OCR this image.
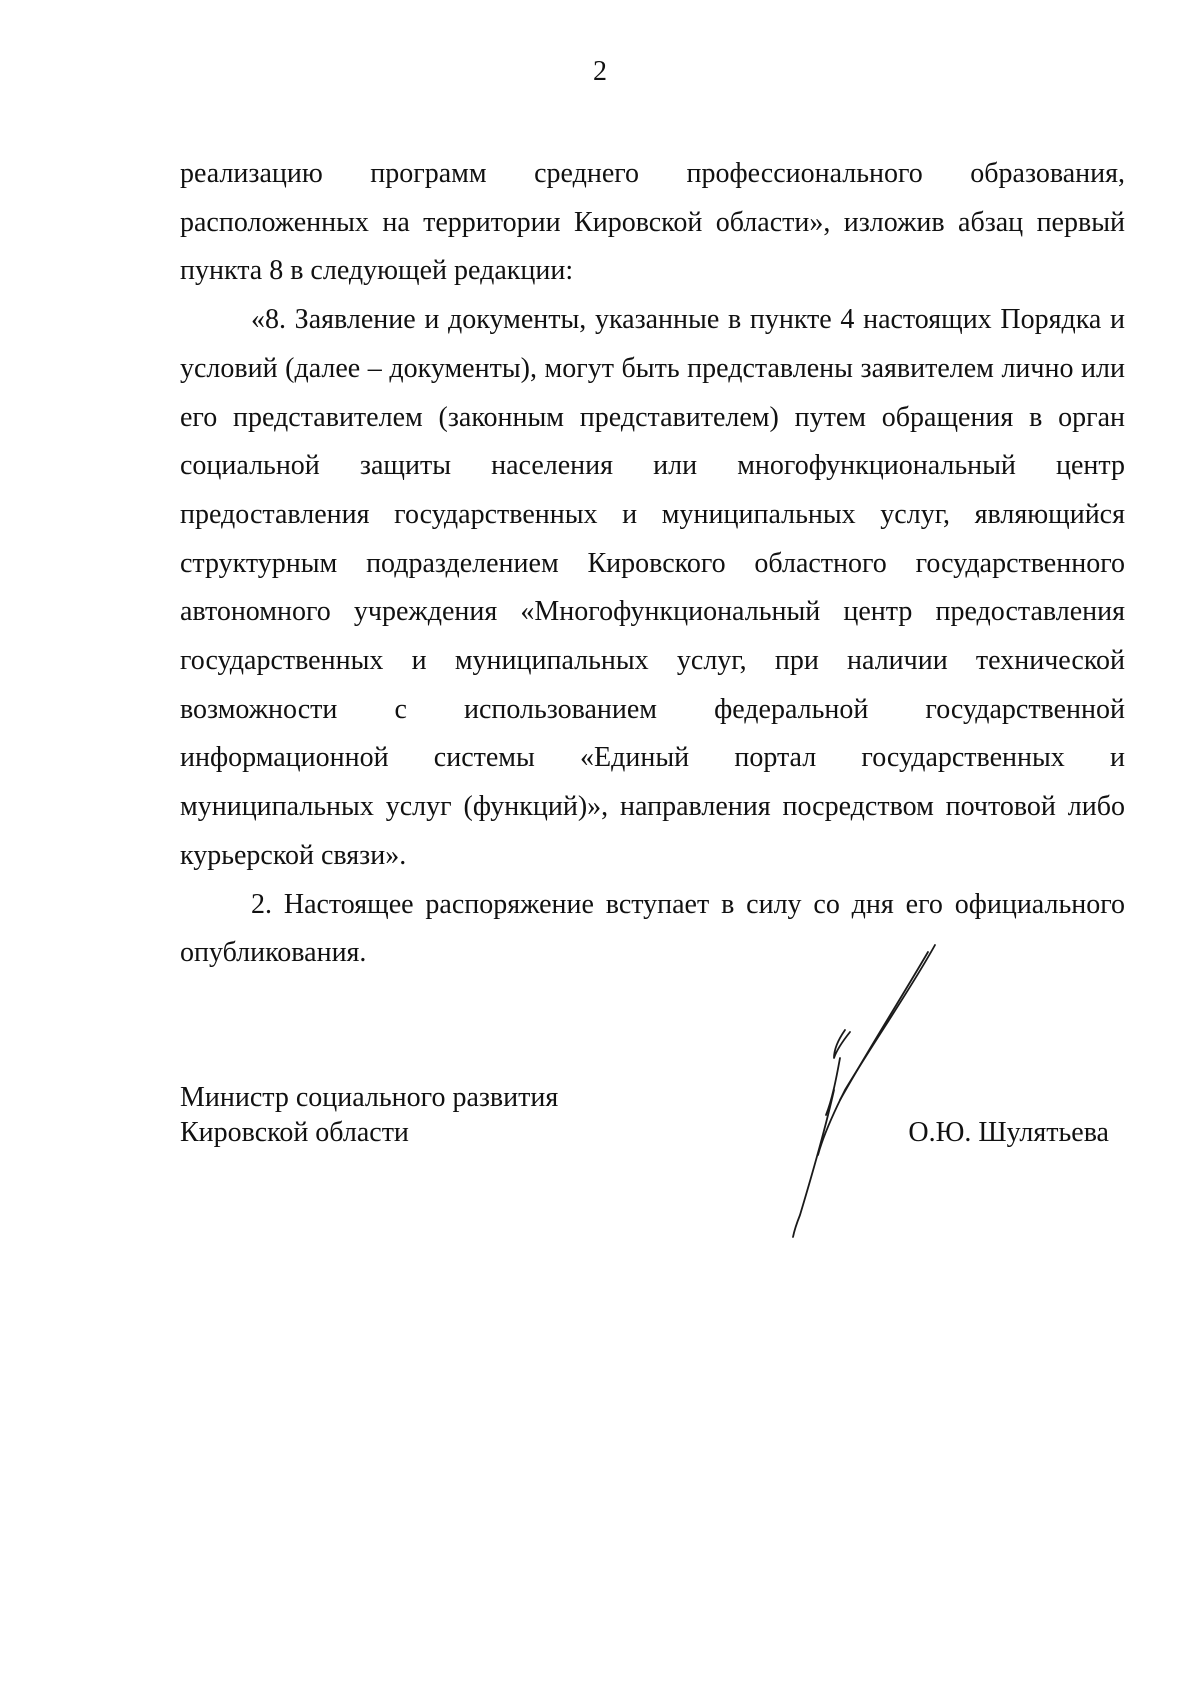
2

реализацию программ среднего профессионального образования, расположенных на территории Кировской области», изложив абзац первый пункта 8 в следующей редакции:

«8. Заявление и документы, указанные в пункте 4 настоящих Порядка и условий (далее – документы), могут быть представлены заявителем лично или его представителем (законным представителем) путем обращения в орган социальной защиты населения или многофункциональный центр предоставления государственных и муниципальных услуг, являющийся структурным подразделением Кировского областного государственного автономного учреждения «Многофункциональный центр предоставления государственных и муниципальных услуг, при наличии технической возможности с использованием федеральной государственной информационной системы «Единый портал государственных и муниципальных услуг (функций)», направления посредством почтовой либо курьерской связи».

2. Настоящее распоряжение вступает в силу со дня его официального опубликования.

Министр социального развития
Кировской области	О.Ю. Шулятьева
